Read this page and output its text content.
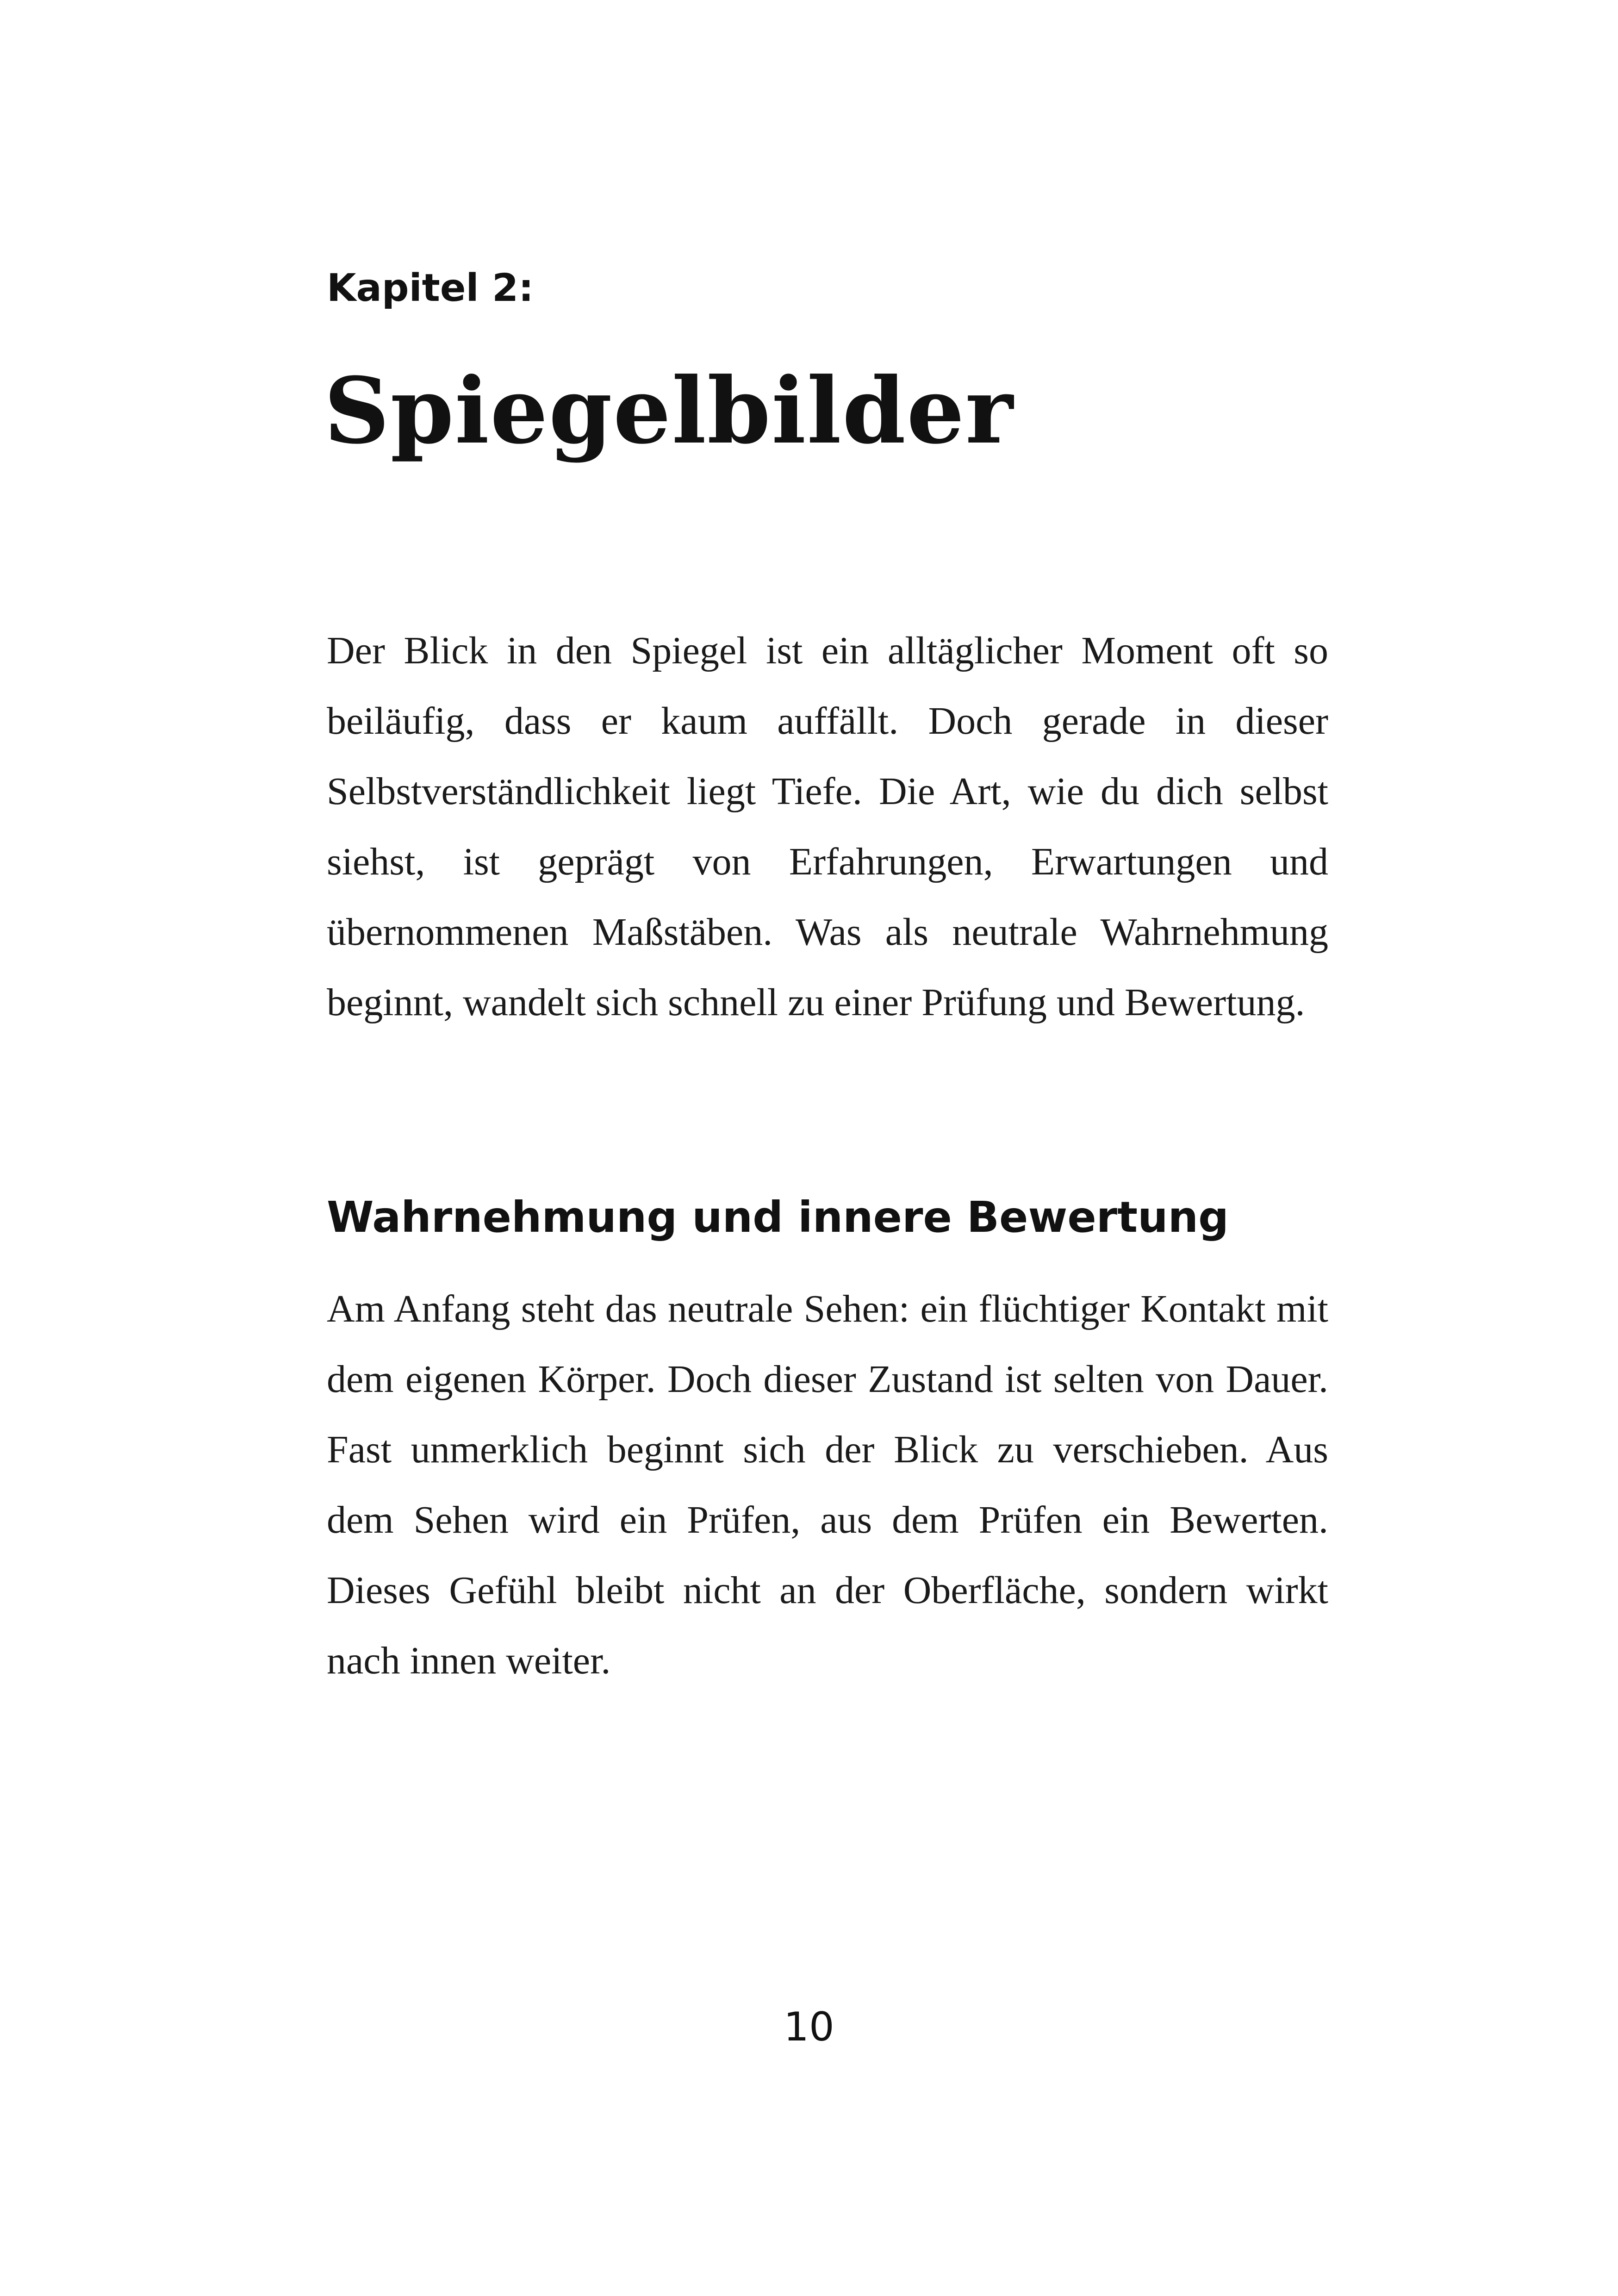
Kapitel 2:
Spiegelbilder

Der Blick in den Spiegel ist ein alltäglicher Moment oft so beiläufig, dass er kaum auffällt. Doch gerade in dieser Selbstverständlichkeit liegt Tiefe. Die Art, wie du dich selbst siehst, ist geprägt von Erfahrungen, Erwartungen und übernommenen Maßstäben. Was als neutrale Wahrnehmung beginnt, wandelt sich schnell zu einer Prüfung und Bewertung.

Wahrnehmung und innere Bewertung

Am Anfang steht das neutrale Sehen: ein flüchtiger Kontakt mit dem eigenen Körper. Doch dieser Zustand ist selten von Dauer. Fast unmerklich beginnt sich der Blick zu verschieben. Aus dem Sehen wird ein Prüfen, aus dem Prüfen ein Bewerten. Dieses Gefühl bleibt nicht an der Oberfläche, sondern wirkt nach innen weiter.

10
